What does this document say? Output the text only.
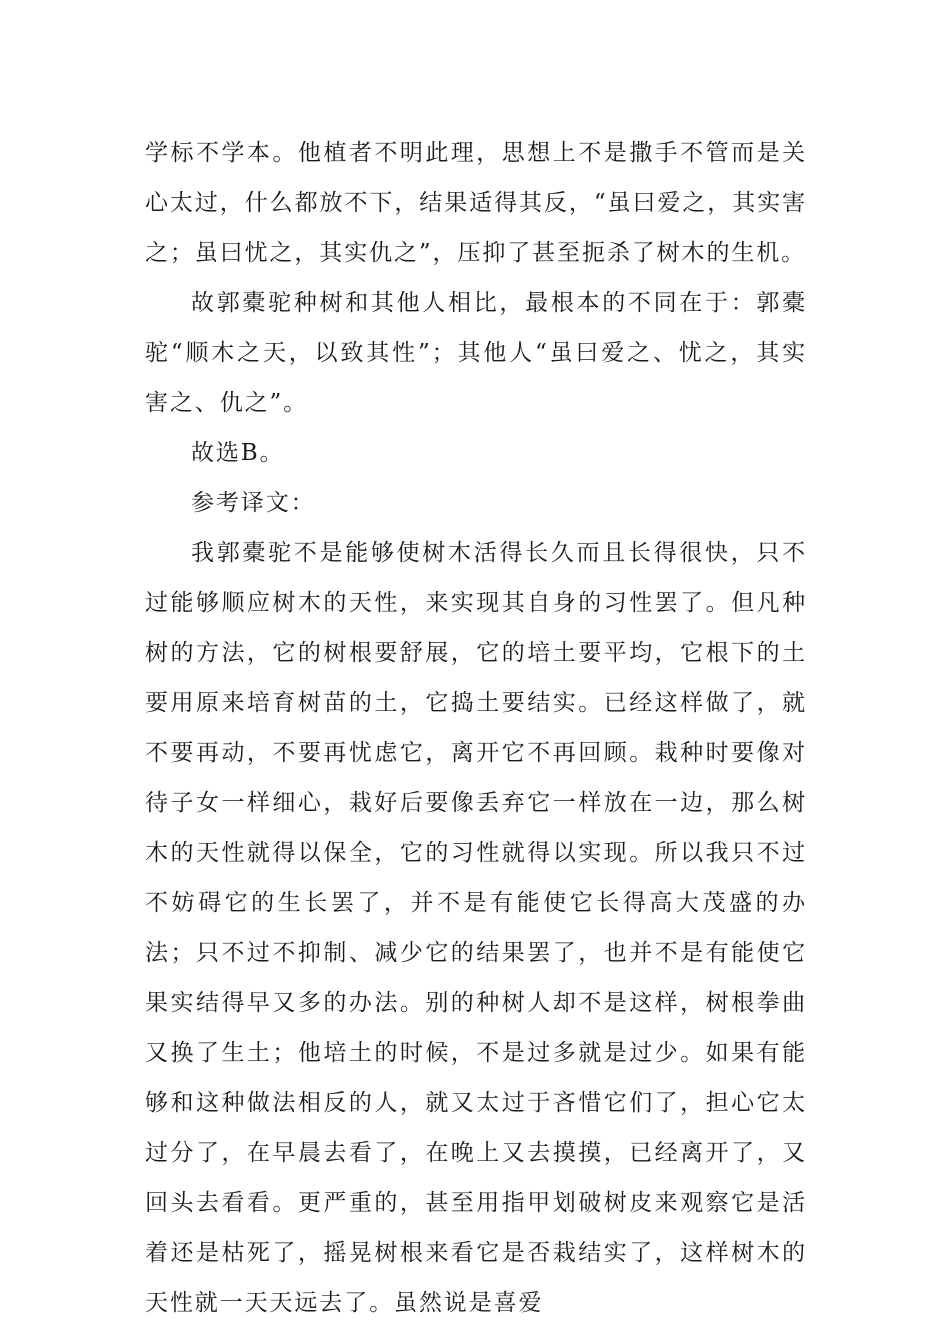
学标不学本。他植者不明此理，思想上不是撒手不管而是关心太过，什么都放不下，结果适得其反，“虽曰爱之，其实害之；虽曰忧之，其实仇之”，压抑了甚至扼杀了树木的生机。

故郭橐驼种树和其他人相比，最根本的不同在于：郭橐驼“顺木之天，以致其性”；其他人“虽曰爱之、忧之，其实害之、仇之”。

故选B。

参考译文：

我郭橐驼不是能够使树木活得长久而且长得很快，只不过能够顺应树木的天性，来实现其自身的习性罢了。但凡种树的方法，它的树根要舒展，它的培土要平均，它根下的土要用原来培育树苗的土，它捣土要结实。已经这样做了，就不要再动，不要再忧虑它，离开它不再回顾。栽种时要像对待子女一样细心，栽好后要像丢弃它一样放在一边，那么树木的天性就得以保全，它的习性就得以实现。所以我只不过不妨碍它的生长罢了，并不是有能使它长得高大茂盛的办法；只不过不抑制、减少它的结果罢了，也并不是有能使它果实结得早又多的办法。别的种树人却不是这样，树根拳曲又换了生土；他培土的时候，不是过多就是过少。如果有能够和这种做法相反的人，就又太过于吝惜它们了，担心它太过分了，在早晨去看了，在晚上又去摸摸，已经离开了，又回头去看看。更严重的，甚至用指甲划破树皮来观察它是活着还是枯死了，摇晃树根来看它是否栽结实了，这样树木的天性就一天天远去了。虽然说是喜爱
